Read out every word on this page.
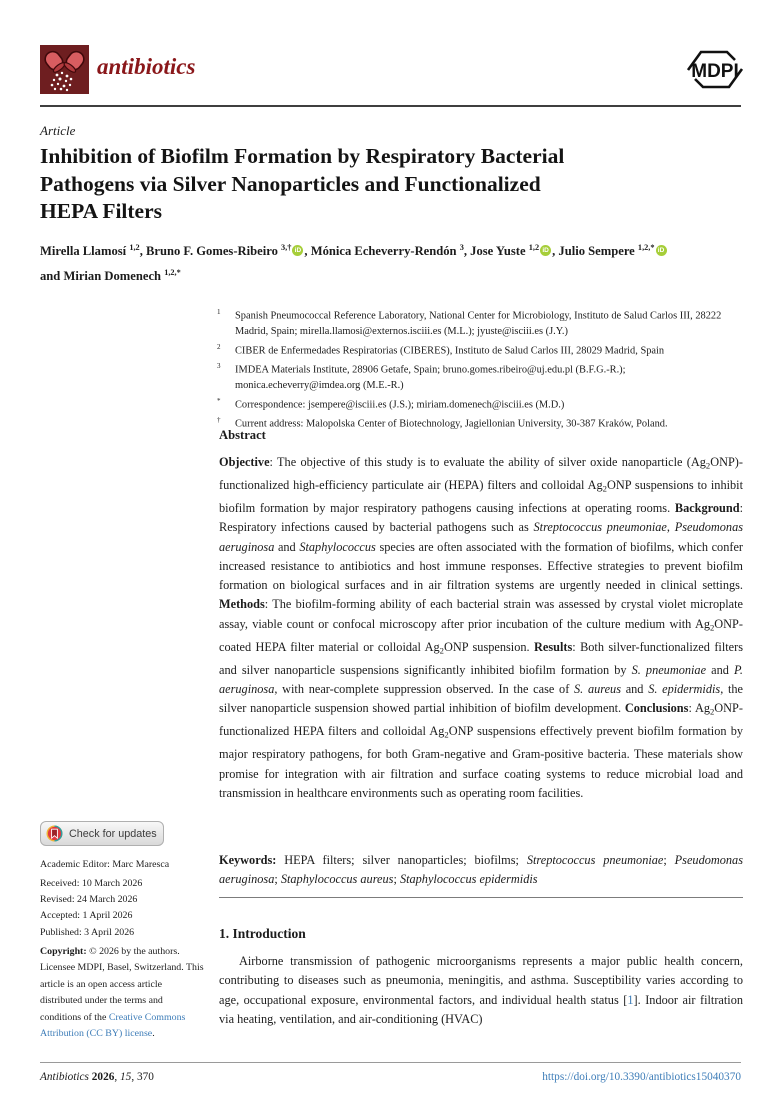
antibiotics	MDPI
Article
Inhibition of Biofilm Formation by Respiratory Bacterial
Pathogens via Silver Nanoparticles and Functionalized
HEPA Filters
Mirella Llamosí $^{1,2}$, Bruno F. Gomes-Ribeiro $^{3,\dagger}$ iD , Mónica Echeverry-Rendón $^3$, Jose Yuste $^{1,2}$ iD , Julio Sempere $^{1,2,*}$ iD
and Mirian Domenech $^{1,2,*}$
1 Spanish Pneumococcal Reference Laboratory, National Center for Microbiology, Instituto de Salud Carlos III, 28222 Madrid, Spain; mirella.llamosi@externos.isciii.es (M.L.); jyuste@isciii.es (J.Y.)
2 CIBER de Enfermedades Respiratorias (CIBERES), Instituto de Salud Carlos III, 28029 Madrid, Spain
3 IMDEA Materials Institute, 28906 Getafe, Spain; bruno.gomes.ribeiro@uj.edu.pl (B.F.G.-R.); monica.echeverry@imdea.org (M.E.-R.)
* Correspondence: jsempere@isciii.es (J.S.); miriam.domenech@isciii.es (M.D.)
† Current address: Malopolska Center of Biotechnology, Jagiellonian University, 30-387 Kraków, Poland.
Abstract
Objective: The objective of this study is to evaluate the ability of silver oxide nanoparticle $(Ag_2ONP)$-functionalized high-efficiency particulate air (HEPA) filters and colloidal $Ag_2ONP$ suspensions to inhibit biofilm formation by major respiratory pathogens causing infections at operating rooms. Background: Respiratory infections caused by bacterial pathogens such as Streptococcus pneumoniae, Pseudomonas aeruginosa and Staphylococcus species are often associated with the formation of biofilms, which confer increased resistance to antibiotics and host immune responses. Effective strategies to prevent biofilm formation on biological surfaces and in air filtration systems are urgently needed in clinical settings. Methods: The biofilm-forming ability of each bacterial strain was assessed by crystal violet microplate assay, viable count or confocal microscopy after prior incubation of the culture medium with $Ag_2ONP$-coated HEPA filter material or colloidal $Ag_2ONP$ suspension. Results: Both silver-functionalized filters and silver nanoparticle suspensions significantly inhibited biofilm formation by S. pneumoniae and P. aeruginosa, with near-complete suppression observed. In the case of S. aureus and S. epidermidis, the silver nanoparticle suspension showed partial inhibition of biofilm development. Conclusions: $Ag_2ONP$-functionalized HEPA filters and colloidal $Ag_2ONP$ suspensions effectively prevent biofilm formation by major respiratory pathogens, for both Gram-negative and Gram-positive bacteria. These materials show promise for integration with air filtration and surface coating systems to reduce microbial load and transmission in healthcare environments such as operating room facilities.
Keywords: HEPA filters; silver nanoparticles; biofilms; Streptococcus pneumoniae; Pseudomonas aeruginosa; Staphylococcus aureus; Staphylococcus epidermidis
1. Introduction
Airborne transmission of pathogenic microorganisms represents a major public health concern, contributing to diseases such as pneumonia, meningitis, and asthma. Susceptibility varies according to age, occupational exposure, environmental factors, and individual health status [1]. Indoor air filtration via heating, ventilation, and air-conditioning (HVAC)
Check for updates
Academic Editor: Marc Maresca
Received: 10 March 2026
Revised: 24 March 2026
Accepted: 1 April 2026
Published: 3 April 2026
Copyright: © 2026 by the authors. Licensee MDPI, Basel, Switzerland. This article is an open access article distributed under the terms and conditions of the Creative Commons Attribution (CC BY) license.
Antibiotics 2026, 15, 370	https://doi.org/10.3390/antibiotics15040370
